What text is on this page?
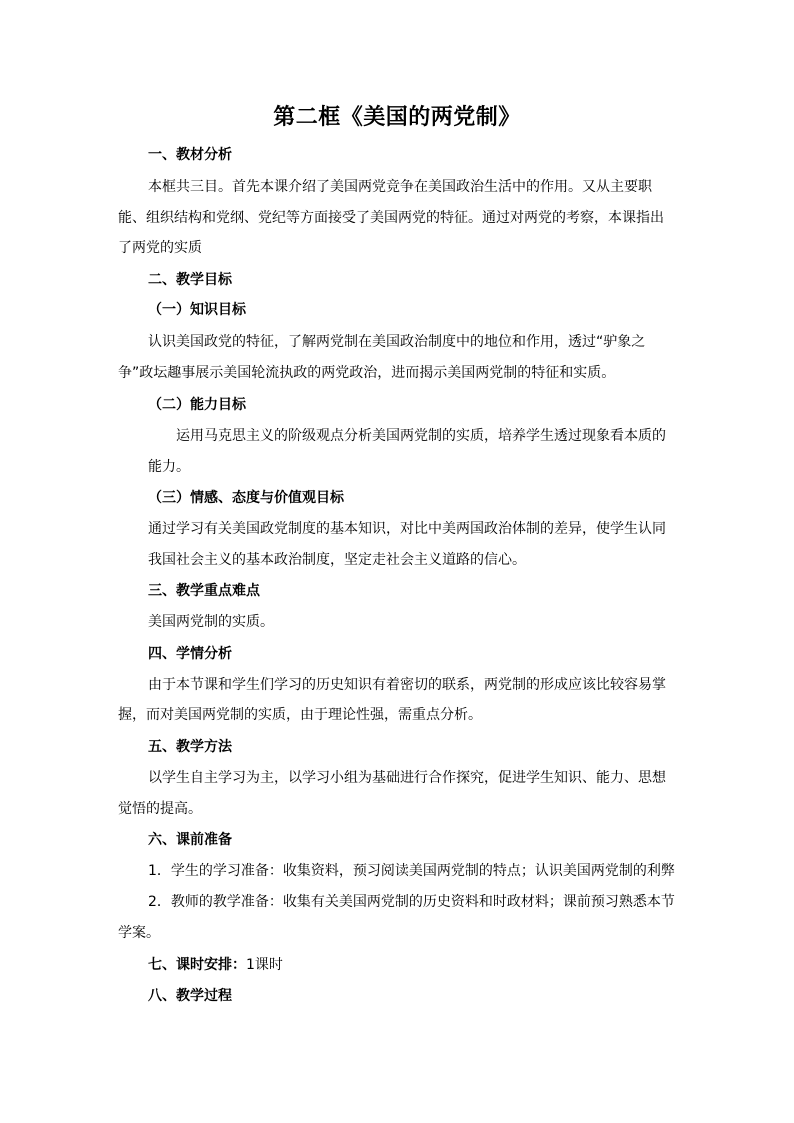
第二框《美国的两党制》
一、教材分析
本框共三目。首先本课介绍了美国两党竞争在美国政治生活中的作用。又从主要职
能、组织结构和党纲、党纪等方面接受了美国两党的特征。通过对两党的考察，本课指出
了两党的实质
二、教学目标
（一）知识目标
认识美国政党的特征，了解两党制在美国政治制度中的地位和作用，透过“驴象之
争”政坛趣事展示美国轮流执政的两党政治，进而揭示美国两党制的特征和实质。
（二）能力目标
运用马克思主义的阶级观点分析美国两党制的实质，培养学生透过现象看本质的
能力。
（三）情感、态度与价值观目标
通过学习有关美国政党制度的基本知识，对比中美两国政治体制的差异，使学生认同
我国社会主义的基本政治制度，坚定走社会主义道路的信心。
三、教学重点难点
美国两党制的实质。
四、学情分析
由于本节课和学生们学习的历史知识有着密切的联系，两党制的形成应该比较容易掌
握，而对美国两党制的实质，由于理论性强，需重点分析。
五、教学方法
以学生自主学习为主，以学习小组为基础进行合作探究，促进学生知识、能力、思想
觉悟的提高。
六、课前准备
1．学生的学习准备：收集资料，预习阅读美国两党制的特点；认识美国两党制的利弊
2．教师的教学准备：收集有关美国两党制的历史资料和时政材料；课前预习熟悉本节
学案。
七、课时安排：1课时
八、教学过程
